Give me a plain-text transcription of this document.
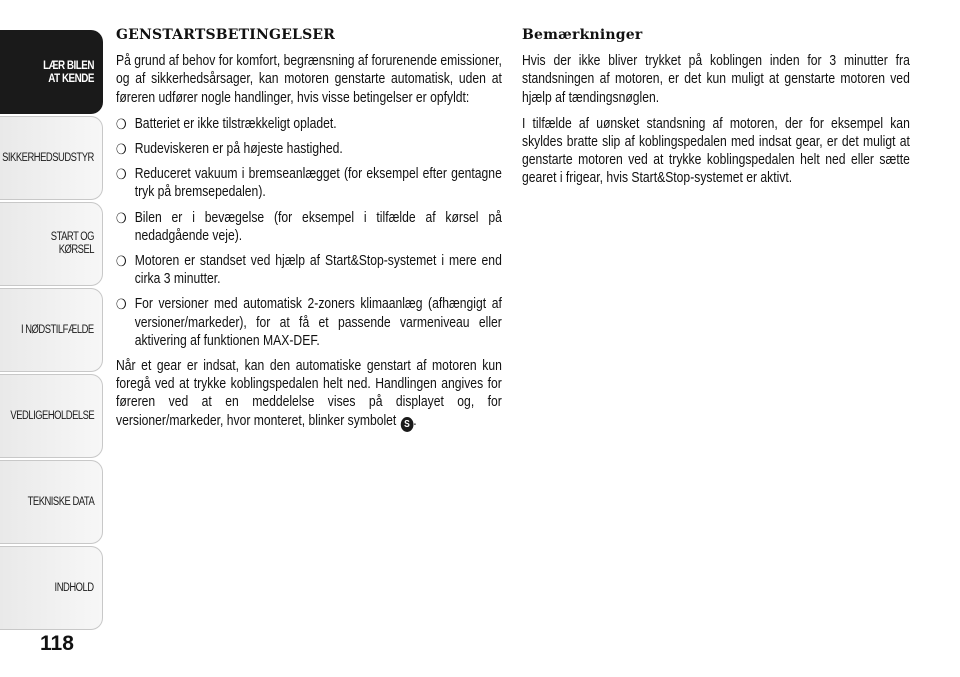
LÆR BILEN
AT KENDE
SIKKERHEDSUDSTYR
START OG KØRSEL
I NØDSTILFÆLDE
VEDLIGEHOLDELSE
TEKNISKE DATA
INDHOLD
118
GENSTARTSBETINGELSER

På grund af behov for komfort, begrænsning af forurenende emissioner, og af sikkerhedsårsager, kan motoren genstarte automatisk, uden at føreren udfører nogle handlinger, hvis visse betingelser er opfyldt:

❍ Batteriet er ikke tilstrækkeligt opladet.
❍ Rudeviskeren er på højeste hastighed.
❍ Reduceret vakuum i bremseanlægget (for eksempel efter gentagne tryk på bremsepedalen).
❍ Bilen er i bevægelse (for eksempel i tilfælde af kørsel på nedadgående veje).
❍ Motoren er standset ved hjælp af Start&Stop-systemet i mere end cirka 3 minutter.
❍ For versioner med automatisk 2-zoners klimaanlæg (afhængigt af versioner/markeder), for at få et passende varmeniveau eller aktivering af funktionen MAX-DEF.

Når et gear er indsat, kan den automatiske genstart af motoren kun foregå ved at trykke koblingspedalen helt ned. Handlingen angives for føreren ved at en meddelelse vises på displayet og, for versioner/markeder, hvor monteret, blinker symbolet S .

Bemærkninger

Hvis der ikke bliver trykket på koblingen inden for 3 minutter fra standsningen af motoren, er det kun muligt at genstarte motoren ved hjælp af tændingsnøglen.

I tilfælde af uønsket standsning af motoren, der for eksempel kan skyldes bratte slip af koblingspedalen med indsat gear, er det muligt at genstarte motoren ved at trykke koblingspedalen helt ned eller sætte gearet i frigear, hvis Start&Stop-systemet er aktivt.
